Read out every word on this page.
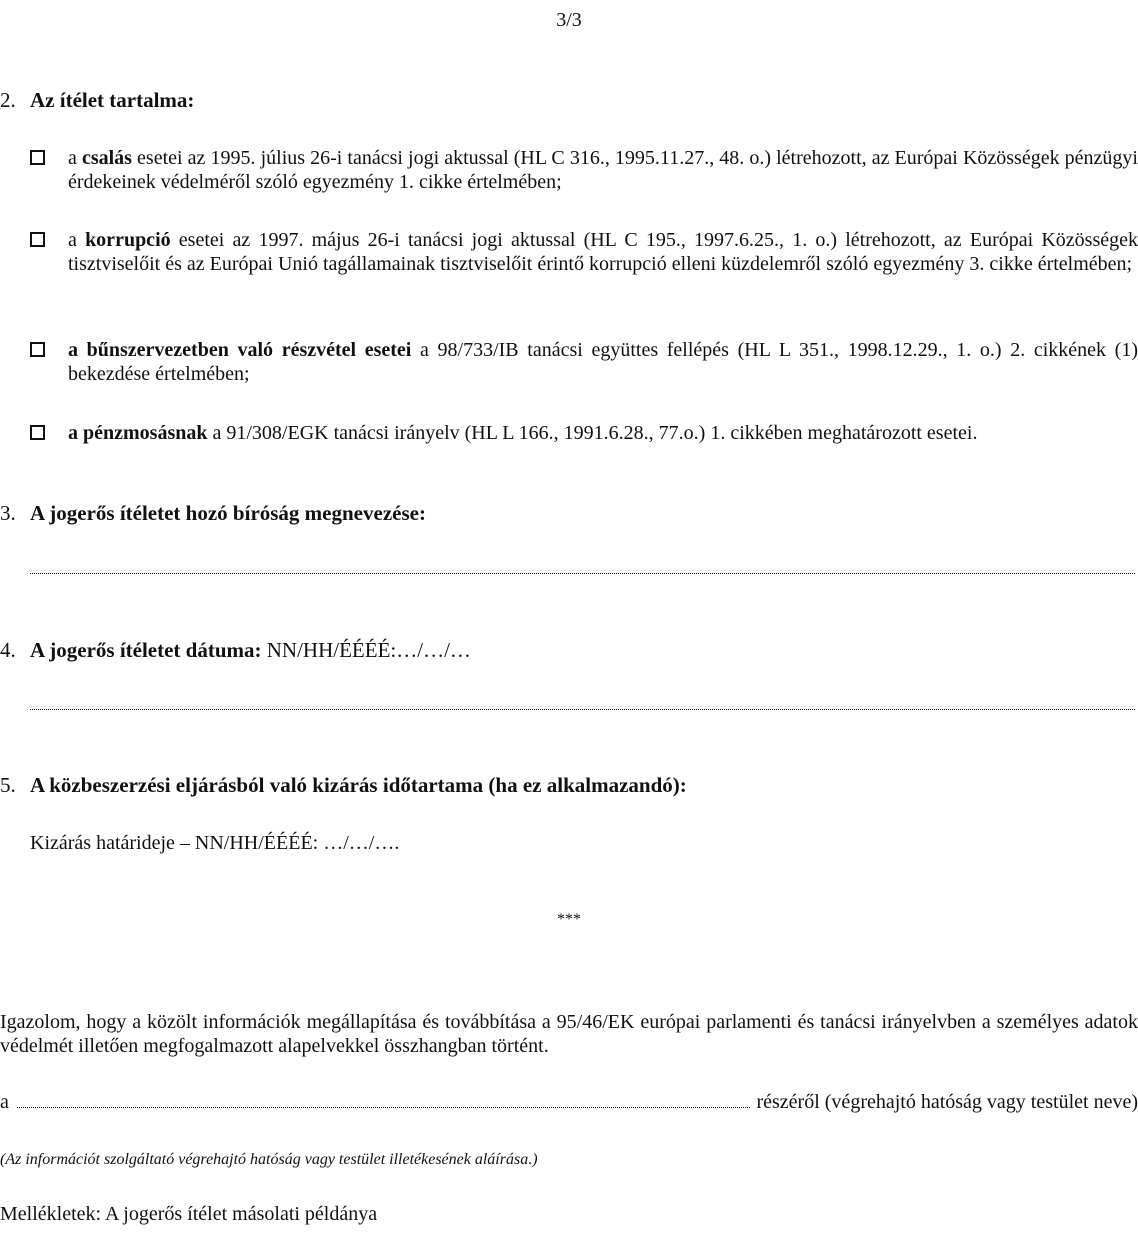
3/3
2. Az ítélet tartalma:
a csalás esetei az 1995. július 26-i tanácsi jogi aktussal (HL C 316., 1995.11.27., 48. o.) létrehozott, az Európai Közösségek pénzügyi érdekeinek védelméről szóló egyezmény 1. cikke értelmében;
a korrupció esetei az 1997. május 26-i tanácsi jogi aktussal (HL C 195., 1997.6.25., 1. o.) létrehozott, az Európai Közösségek tisztviselőit és az Európai Unió tagállamainak tisztviselőit érintő korrupció elleni küzdelemről szóló egyezmény 3. cikke értelmében;
a bűnszervezetben való részvétel esetei a 98/733/IB tanácsi együttes fellépés (HL L 351., 1998.12.29., 1. o.) 2. cikkének (1) bekezdése értelmében;
a pénzmosásnak a 91/308/EGK tanácsi irányelv (HL L 166., 1991.6.28., 77.o.) 1. cikkében meghatározott esetei.
3. A jogerős ítéletet hozó bíróság megnevezése:
4. A jogerős ítéletet dátuma: NN/HH/ÉÉÉÉ:…/…/…
5. A közbeszerzési eljárásból való kizárás időtartama (ha ez alkalmazandó):
Kizárás határideje – NN/HH/ÉÉÉÉ: …/…/….
***
Igazolom, hogy a közölt információk megállapítása és továbbítása a 95/46/EK európai parlamenti és tanácsi irányelvben a személyes adatok védelmét illetően megfogalmazott alapelvekkel összhangban történt.
a	részéről (végrehajtó hatóság vagy testület neve)
(Az információt szolgáltató végrehajtó hatóság vagy testület illetékesének aláírása.)
Mellékletek: A jogerős ítélet másolati példánya
